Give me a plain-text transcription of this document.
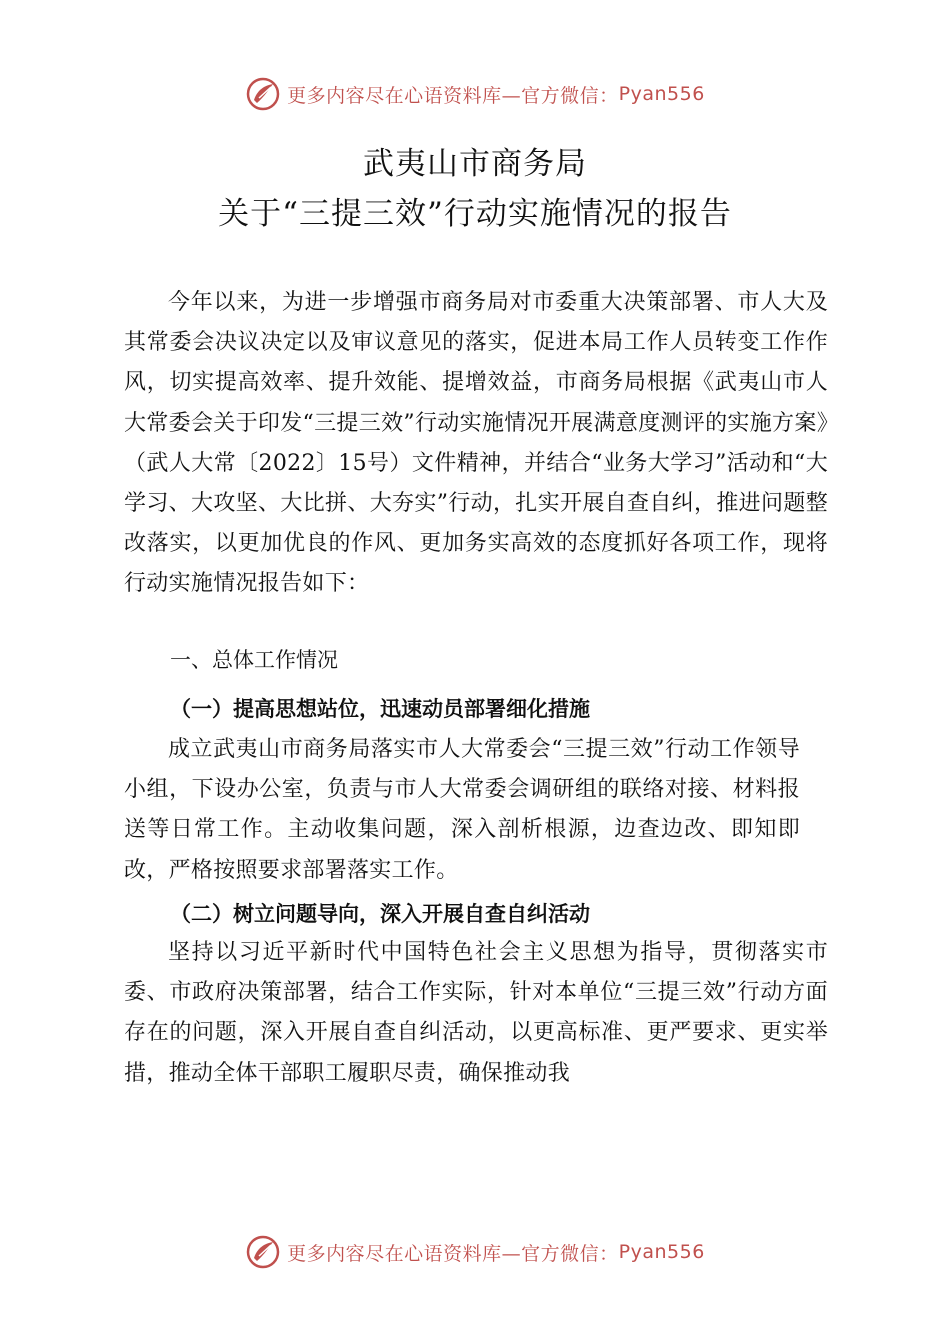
更多内容尽在心语资料库—官方微信： Pyan556
武夷山市商务局
关于“三提三效”行动实施情况的报告

今年以来，为进一步增强市商务局对市委重大决策部署、市人大及其常委会决议决定以及审议意见的落实，促进本局工作人员转变工作作风，切实提高效率、提升效能、提增效益，市商务局根据《武夷山市人大常委会关于印发“三提三效”行动实施情况开展满意度测评的实施方案》（武人大常〔2022〕15号）文件精神，并结合“业务大学习”活动和“大学习、大攻坚、大比拼、大夯实”行动，扎实开展自查自纠，推进问题整改落实，以更加优良的作风、更加务实高效的态度抓好各项工作，现将行动实施情况报告如下：

一、总体工作情况

（一）提高思想站位，迅速动员部署细化措施

成立武夷山市商务局落实市人大常委会“三提三效”行动工作领导小组，下设办公室，负责与市人大常委会调研组的联络对接、材料报送等日常工作。主动收集问题，深入剖析根源，边查边改、即知即改，严格按照要求部署落实工作。

（二）树立问题导向，深入开展自查自纠活动

坚持以习近平新时代中国特色社会主义思想为指导，贯彻落实市委、市政府决策部署，结合工作实际，针对本单位“三提三效”行动方面存在的问题，深入开展自查自纠活动，以更高标准、更严要求、更实举措，推动全体干部职工履职尽责，确保推动我

更多内容尽在心语资料库—官方微信： Pyan556
